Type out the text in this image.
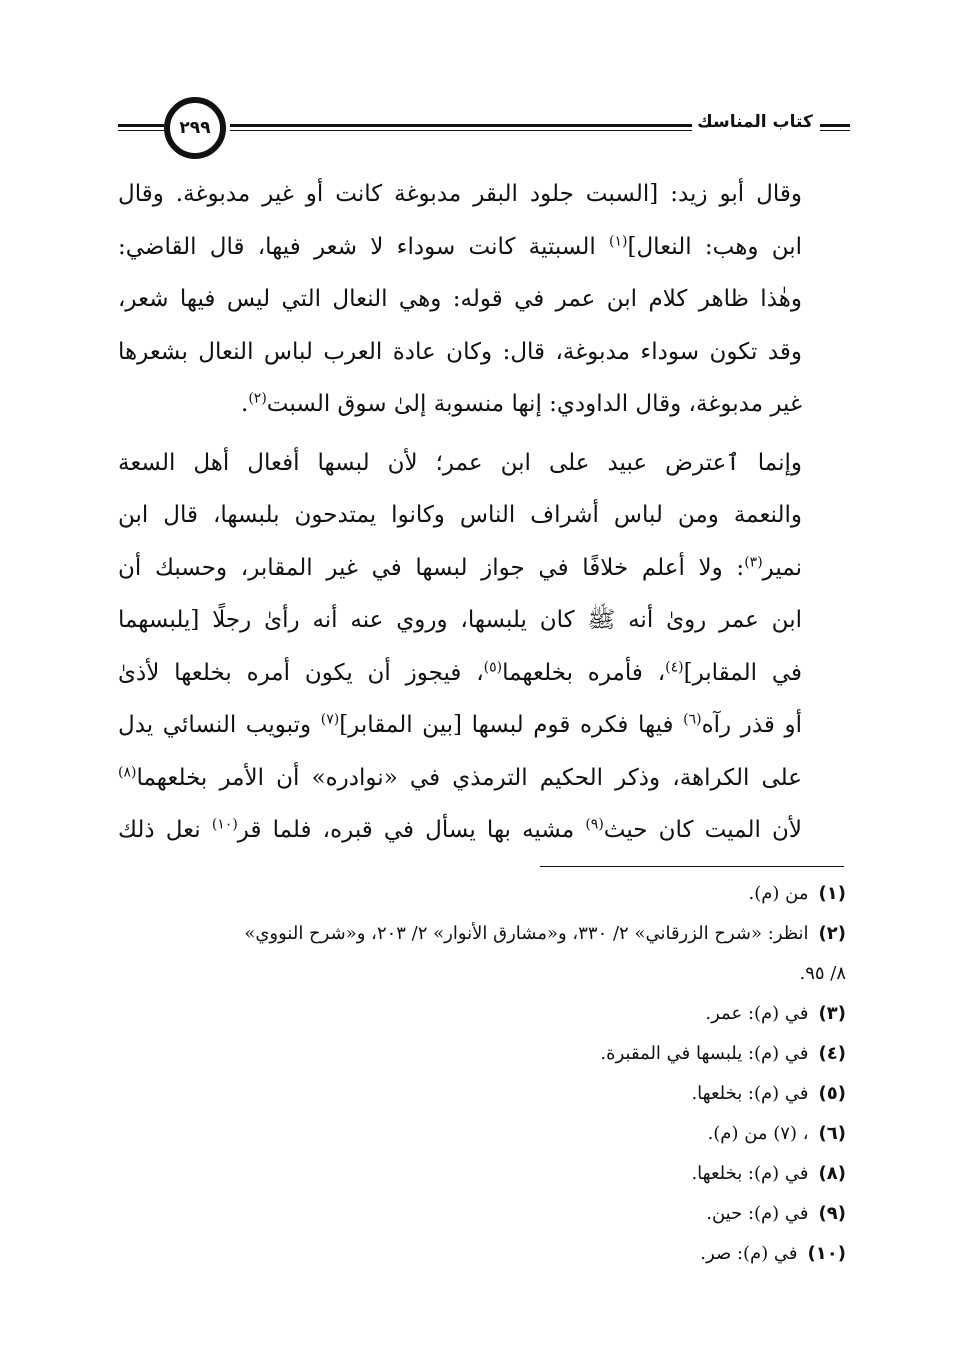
٢٩٩	كتاب المناسك
وقال أبو زيد: [السبت جلود البقر مدبوغة كانت أو غير مدبوغة. وقال
ابن وهب: النعال]$^{(١)}$ السبتية كانت سوداء لا شعر فيها، قال القاضي:
وهٰذا ظاهر كلام ابن عمر في قوله: وهي النعال التي ليس فيها شعر،
وقد تكون سوداء مدبوغة، قال: وكان عادة العرب لباس النعال بشعرها
غير مدبوغة، وقال الداودي: إنها منسوبة إلىٰ سوق السبت$^{(٢)}$.
وإنما ٱعترض عبيد على ابن عمر؛ لأن لبسها أفعال أهل السعة
والنعمة ومن لباس أشراف الناس وكانوا يمتدحون بلبسها، قال ابن
نمير$^{(٣)}$: ولا أعلم خلافًا في جواز لبسها في غير المقابر، وحسبك أن
ابن عمر روىٰ أنه ﷺ كان يلبسها، وروي عنه أنه رأىٰ رجلًا [يلبسهما
في المقابر]$^{(٤)}$، فأمره بخلعهما$^{(٥)}$، فيجوز أن يكون أمره بخلعها لأذىٰ
أو قذر رآه$^{(٦)}$ فيها فكره قوم لبسها [بين المقابر]$^{(٧)}$ وتبويب النسائي يدل
على الكراهة، وذكر الحكيم الترمذي في «نوادره» أن الأمر بخلعهما$^{(٨)}$
لأن الميت كان حيث$^{(٩)}$ مشيه بها يسأل في قبره، فلما قر$^{(١٠)}$ نعل ذلك

(١)من (م).

(٢)انظر: «شرح الزرقاني» ٢/ ٣٣٠، و«مشارق الأنوار» ٢/ ٢٠٣، و«شرح النووي»

٨/ ٩٥.

(٣)في (م): عمر.

(٤)في (م): يلبسها في المقبرة.

(٥)في (م): بخلعها.

(٦)، (٧) من (م).

(٨)في (م): بخلعها.

(٩)في (م): حين.

(١٠)في (م): صر.
